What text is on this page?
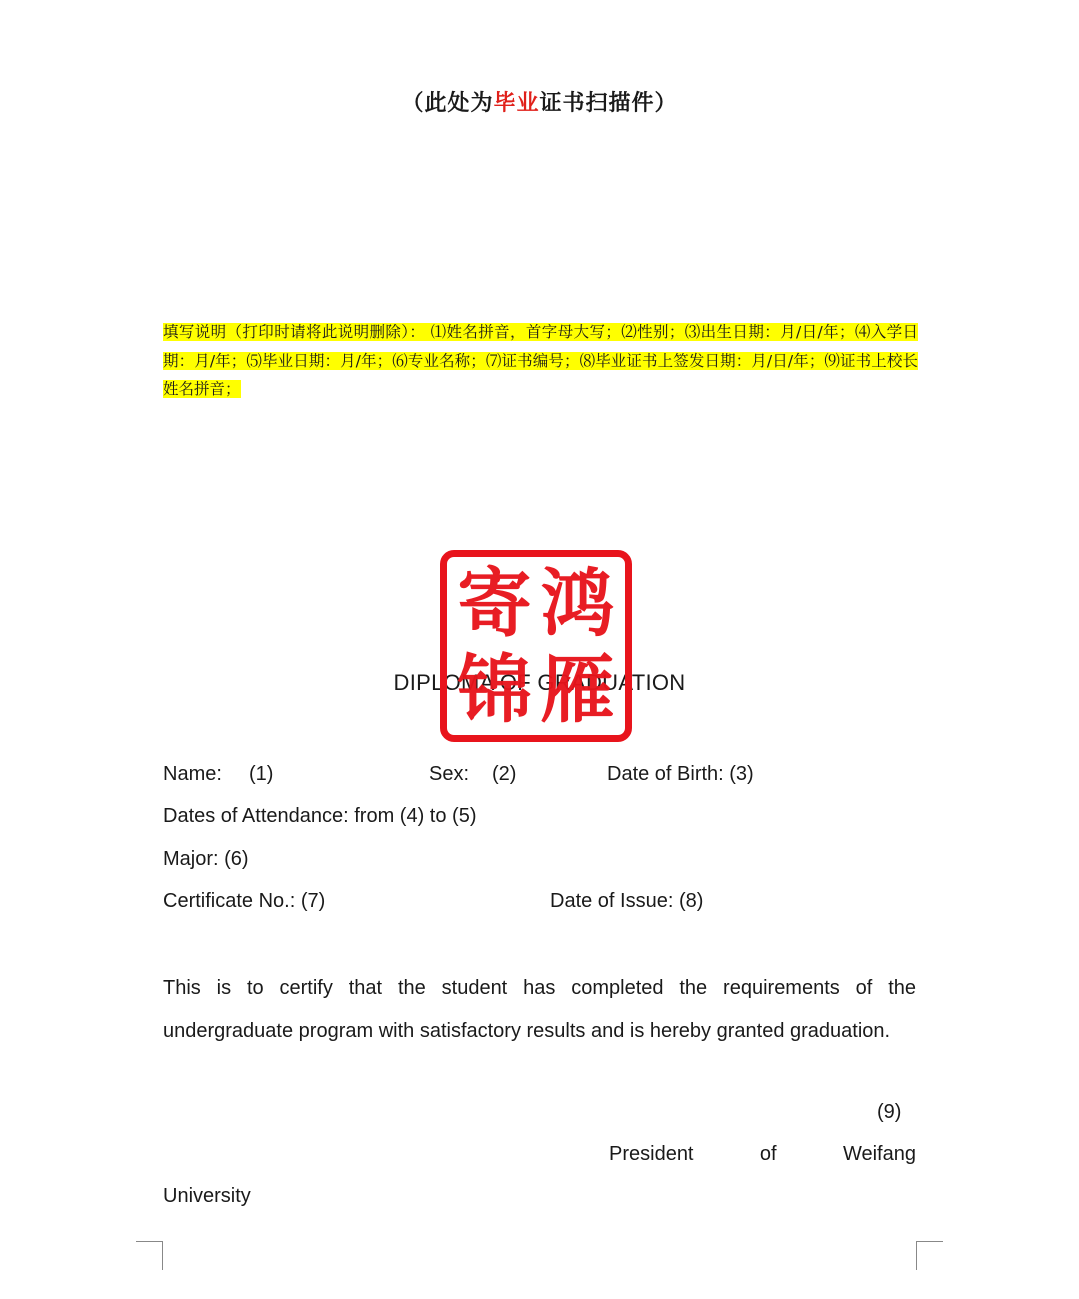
（此处为毕业证书扫描件）
填写说明（打印时请将此说明删除）： ⑴姓名拼音，首字母大写；⑵性别；⑶出生日期：月/日/年；⑷入学日期：月/年；⑸毕业日期：月/年；⑹专业名称；⑺证书编号；⑻毕业证书上签发日期：月/日/年；⑼证书上校长姓名拼音；
DIPLOMA OF GRADUATION
寄 鸿
锦 雁
Name: (1)	Sex: (2)	Date of Birth: (3)
Dates of Attendance: from (4) to (5)
Major: (6)
Certificate No.: (7)	Date of Issue: (8)
This is to certify that the student has completed the requirements of the undergraduate program with satisfactory results and is hereby granted graduation.
(9)
President	of	Weifang
University
